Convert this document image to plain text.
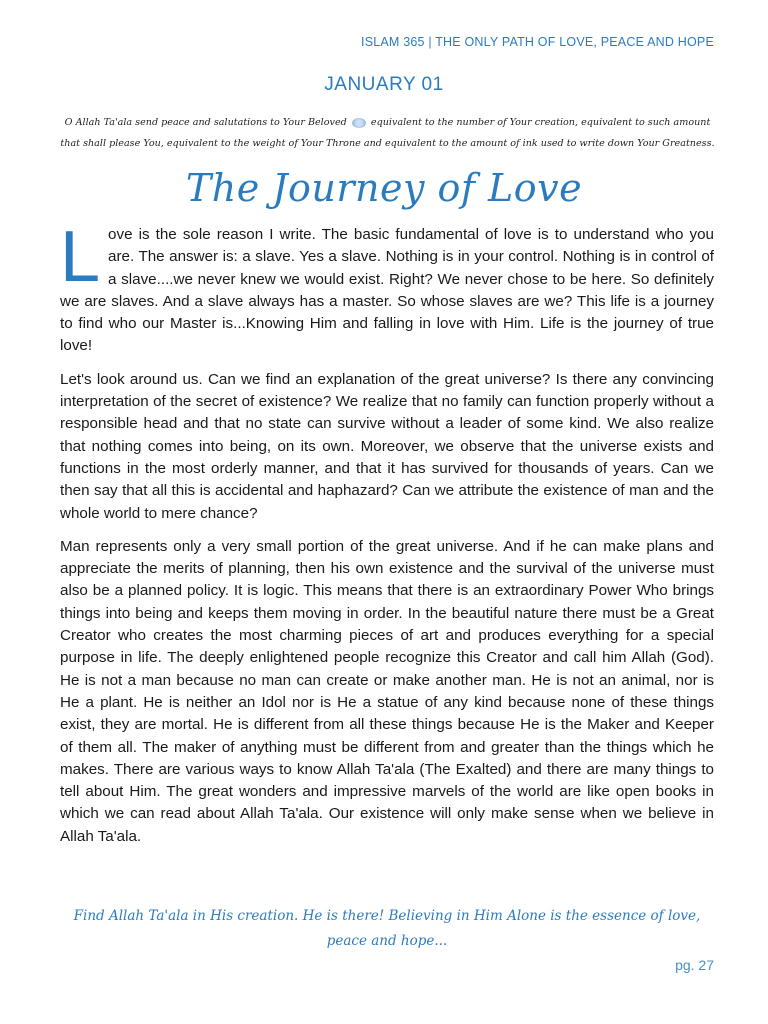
ISLAM 365 | THE ONLY PATH OF LOVE, PEACE AND HOPE
JANUARY 01
O Allah Ta'ala send peace and salutations to Your Beloved	equivalent to the number of Your creation, equivalent to such amount
that shall please You, equivalent to the weight of Your Throne and equivalent to the amount of ink used to write down Your Greatness.
The Journey of Love

Love is the sole reason I write. The basic fundamental of love is to understand who you are. The answer is: a slave. Yes a slave. Nothing is in your control. Nothing is in control of a slave....we never knew we would exist. Right? We never chose to be here. So definitely we are slaves. And a slave always has a master. So whose slaves are we? This life is a journey to find who our Master is...Knowing Him and falling in love with Him. Life is the journey of true love!

Let's look around us. Can we find an explanation of the great universe? Is there any convincing interpretation of the secret of existence? We realize that no family can function properly without a responsible head and that no state can survive without a leader of some kind. We also realize that nothing comes into being, on its own. Moreover, we observe that the universe exists and functions in the most orderly manner, and that it has survived for thousands of years. Can we then say that all this is accidental and haphazard? Can we attribute the existence of man and the whole world to mere chance?

Man represents only a very small portion of the great universe. And if he can make plans and appreciate the merits of planning, then his own existence and the survival of the universe must also be a planned policy. It is logic. This means that there is an extraordinary Power Who brings things into being and keeps them moving in order. In the beautiful nature there must be a Great Creator who creates the most charming pieces of art and produces everything for a special purpose in life. The deeply enlightened people recognize this Creator and call him Allah (God). He is not a man because no man can create or make another man. He is not an animal, nor is He a plant. He is neither an Idol nor is He a statue of any kind because none of these things exist, they are mortal. He is different from all these things because He is the Maker and Keeper of them all. The maker of anything must be different from and greater than the things which he makes. There are various ways to know Allah Ta'ala (The Exalted) and there are many things to tell about Him. The great wonders and impressive marvels of the world are like open books in which we can read about Allah Ta'ala. Our existence will only make sense when we believe in Allah Ta'ala.

Find Allah Ta'ala in His creation. He is there! Believing in Him Alone is the essence of love, peace and hope...
pg. 27
